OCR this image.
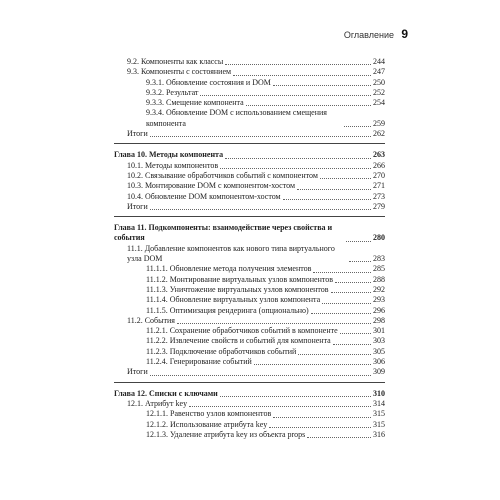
Оглавление 9
9.2. Компоненты как классы	244
9.3. Компоненты с состоянием	247
9.3.1. Обновление состояния и DOM	250
9.3.2. Результат	252
9.3.3. Смещение компонента	254
9.3.4. Обновление DOM с использованием смещения компонента	259
Итоги	262
Глава 10. Методы компонента	263
10.1. Методы компонентов	266
10.2. Связывание обработчиков событий с компонентом	270
10.3. Монтирование DOM с компонентом-хостом	271
10.4. Обновление DOM компонентом-хостом	273
Итоги	279
Глава 11. Подкомпоненты: взаимодействие через свойства и события	280
11.1. Добавление компонентов как нового типа виртуального узла DOM	283
11.1.1. Обновление метода получения элементов	285
11.1.2. Монтирование виртуальных узлов компонентов	288
11.1.3. Уничтожение виртуальных узлов компонентов	292
11.1.4. Обновление виртуальных узлов компонента	293
11.1.5. Оптимизация рендеринга (опционально)	296
11.2. События	298
11.2.1. Сохранение обработчиков событий в компоненте	301
11.2.2. Извлечение свойств и событий для компонента	303
11.2.3. Подключение обработчиков событий	305
11.2.4. Генерирование событий	306
Итоги	309
Глава 12. Списки с ключами	310
12.1. Атрибут key	314
12.1.1. Равенство узлов компонентов	315
12.1.2. Использование атрибута key	315
12.1.3. Удаление атрибута key из объекта props	316
